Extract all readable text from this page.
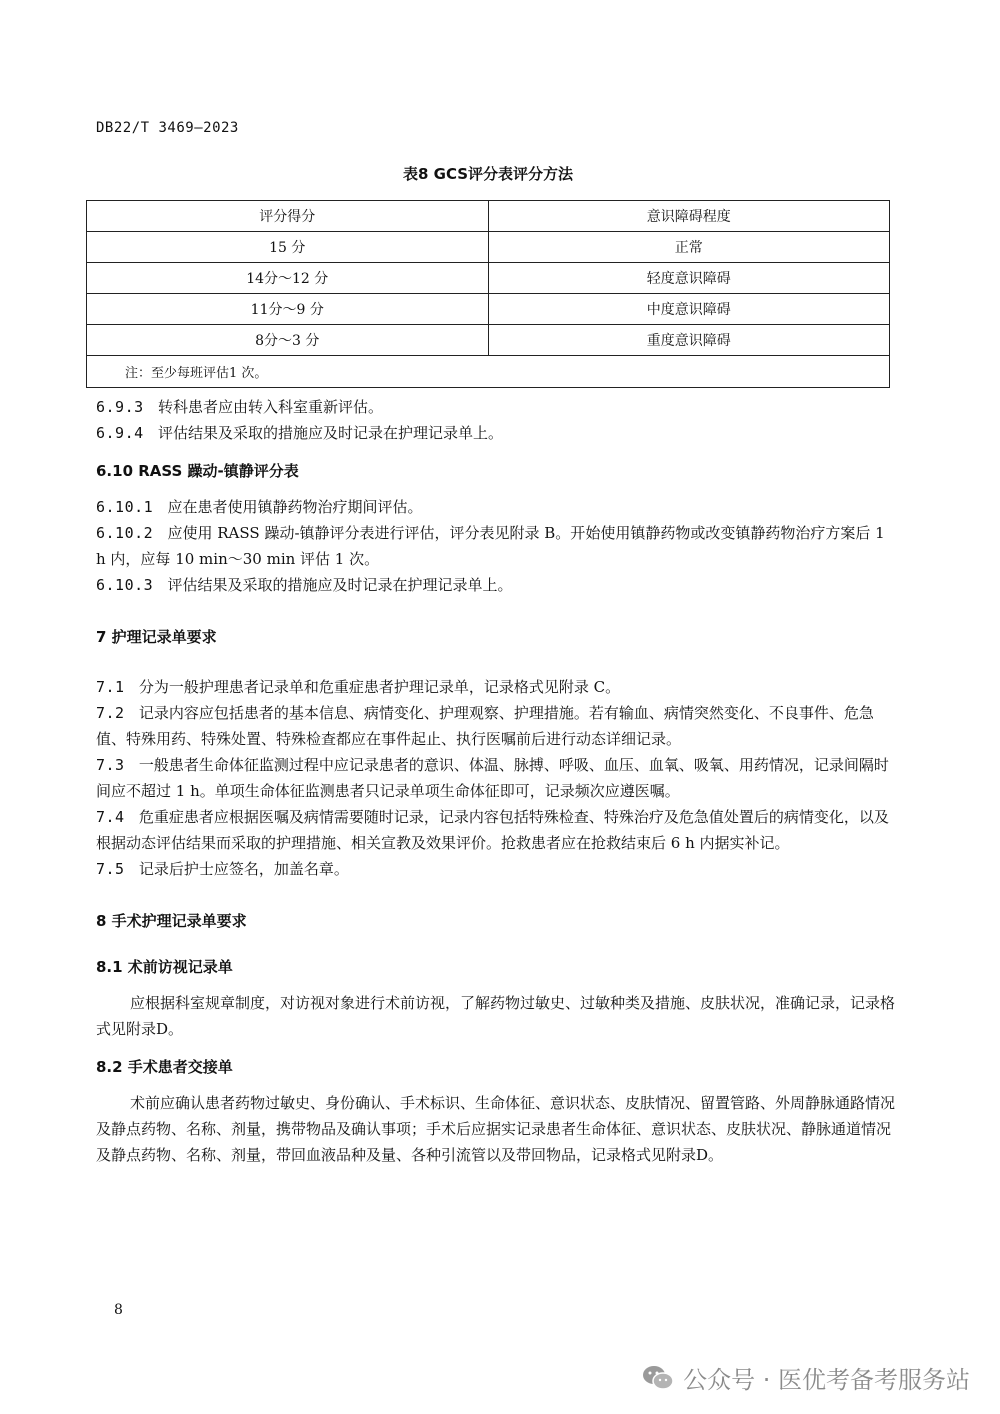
DB22/T 3469—2023
表8 GCS评分表评分方法
评分得分	意识障碍程度
15 分	正常
14分～12 分	轻度意识障碍
11分～9 分	中度意识障碍
8分～3 分	重度意识障碍
注：至少每班评估1 次。	

6.9.3 转科患者应由转入科室重新评估。

6.9.4 评估结果及采取的措施应及时记录在护理记录单上。

6.10 RASS 躁动-镇静评分表

6.10.1 应在患者使用镇静药物治疗期间评估。

6.10.2 应使用 RASS 躁动-镇静评分表进行评估，评分表见附录 B。开始使用镇静药物或改变镇静药物治疗方案后 1 h 内，应每 10 min～30 min 评估 1 次。

6.10.3 评估结果及采取的措施应及时记录在护理记录单上。

7 护理记录单要求

7.1 分为一般护理患者记录单和危重症患者护理记录单，记录格式见附录 C。

7.2 记录内容应包括患者的基本信息、病情变化、护理观察、护理措施。若有输血、病情突然变化、不良事件、危急值、特殊用药、特殊处置、特殊检查都应在事件起止、执行医嘱前后进行动态详细记录。

7.3 一般患者生命体征监测过程中应记录患者的意识、体温、脉搏、呼吸、血压、血氧、吸氧、用药情况，记录间隔时间应不超过 1 h。单项生命体征监测患者只记录单项生命体征即可，记录频次应遵医嘱。

7.4 危重症患者应根据医嘱及病情需要随时记录，记录内容包括特殊检查、特殊治疗及危急值处置后的病情变化，以及根据动态评估结果而采取的护理措施、相关宣教及效果评价。抢救患者应在抢救结束后 6 h 内据实补记。

7.5 记录后护士应签名，加盖名章。

8 手术护理记录单要求

8.1 术前访视记录单

应根据科室规章制度，对访视对象进行术前访视，了解药物过敏史、过敏种类及措施、皮肤状况，准确记录，记录格式见附录D。

8.2 手术患者交接单

术前应确认患者药物过敏史、身份确认、手术标识、生命体征、意识状态、皮肤情况、留置管路、外周静脉通路情况及静点药物、名称、剂量，携带物品及确认事项；手术后应据实记录患者生命体征、意识状态、皮肤状况、静脉通道情况及静点药物、名称、剂量，带回血液品种及量、各种引流管以及带回物品，记录格式见附录D。

8
公众号 · 医优考备考服务站
